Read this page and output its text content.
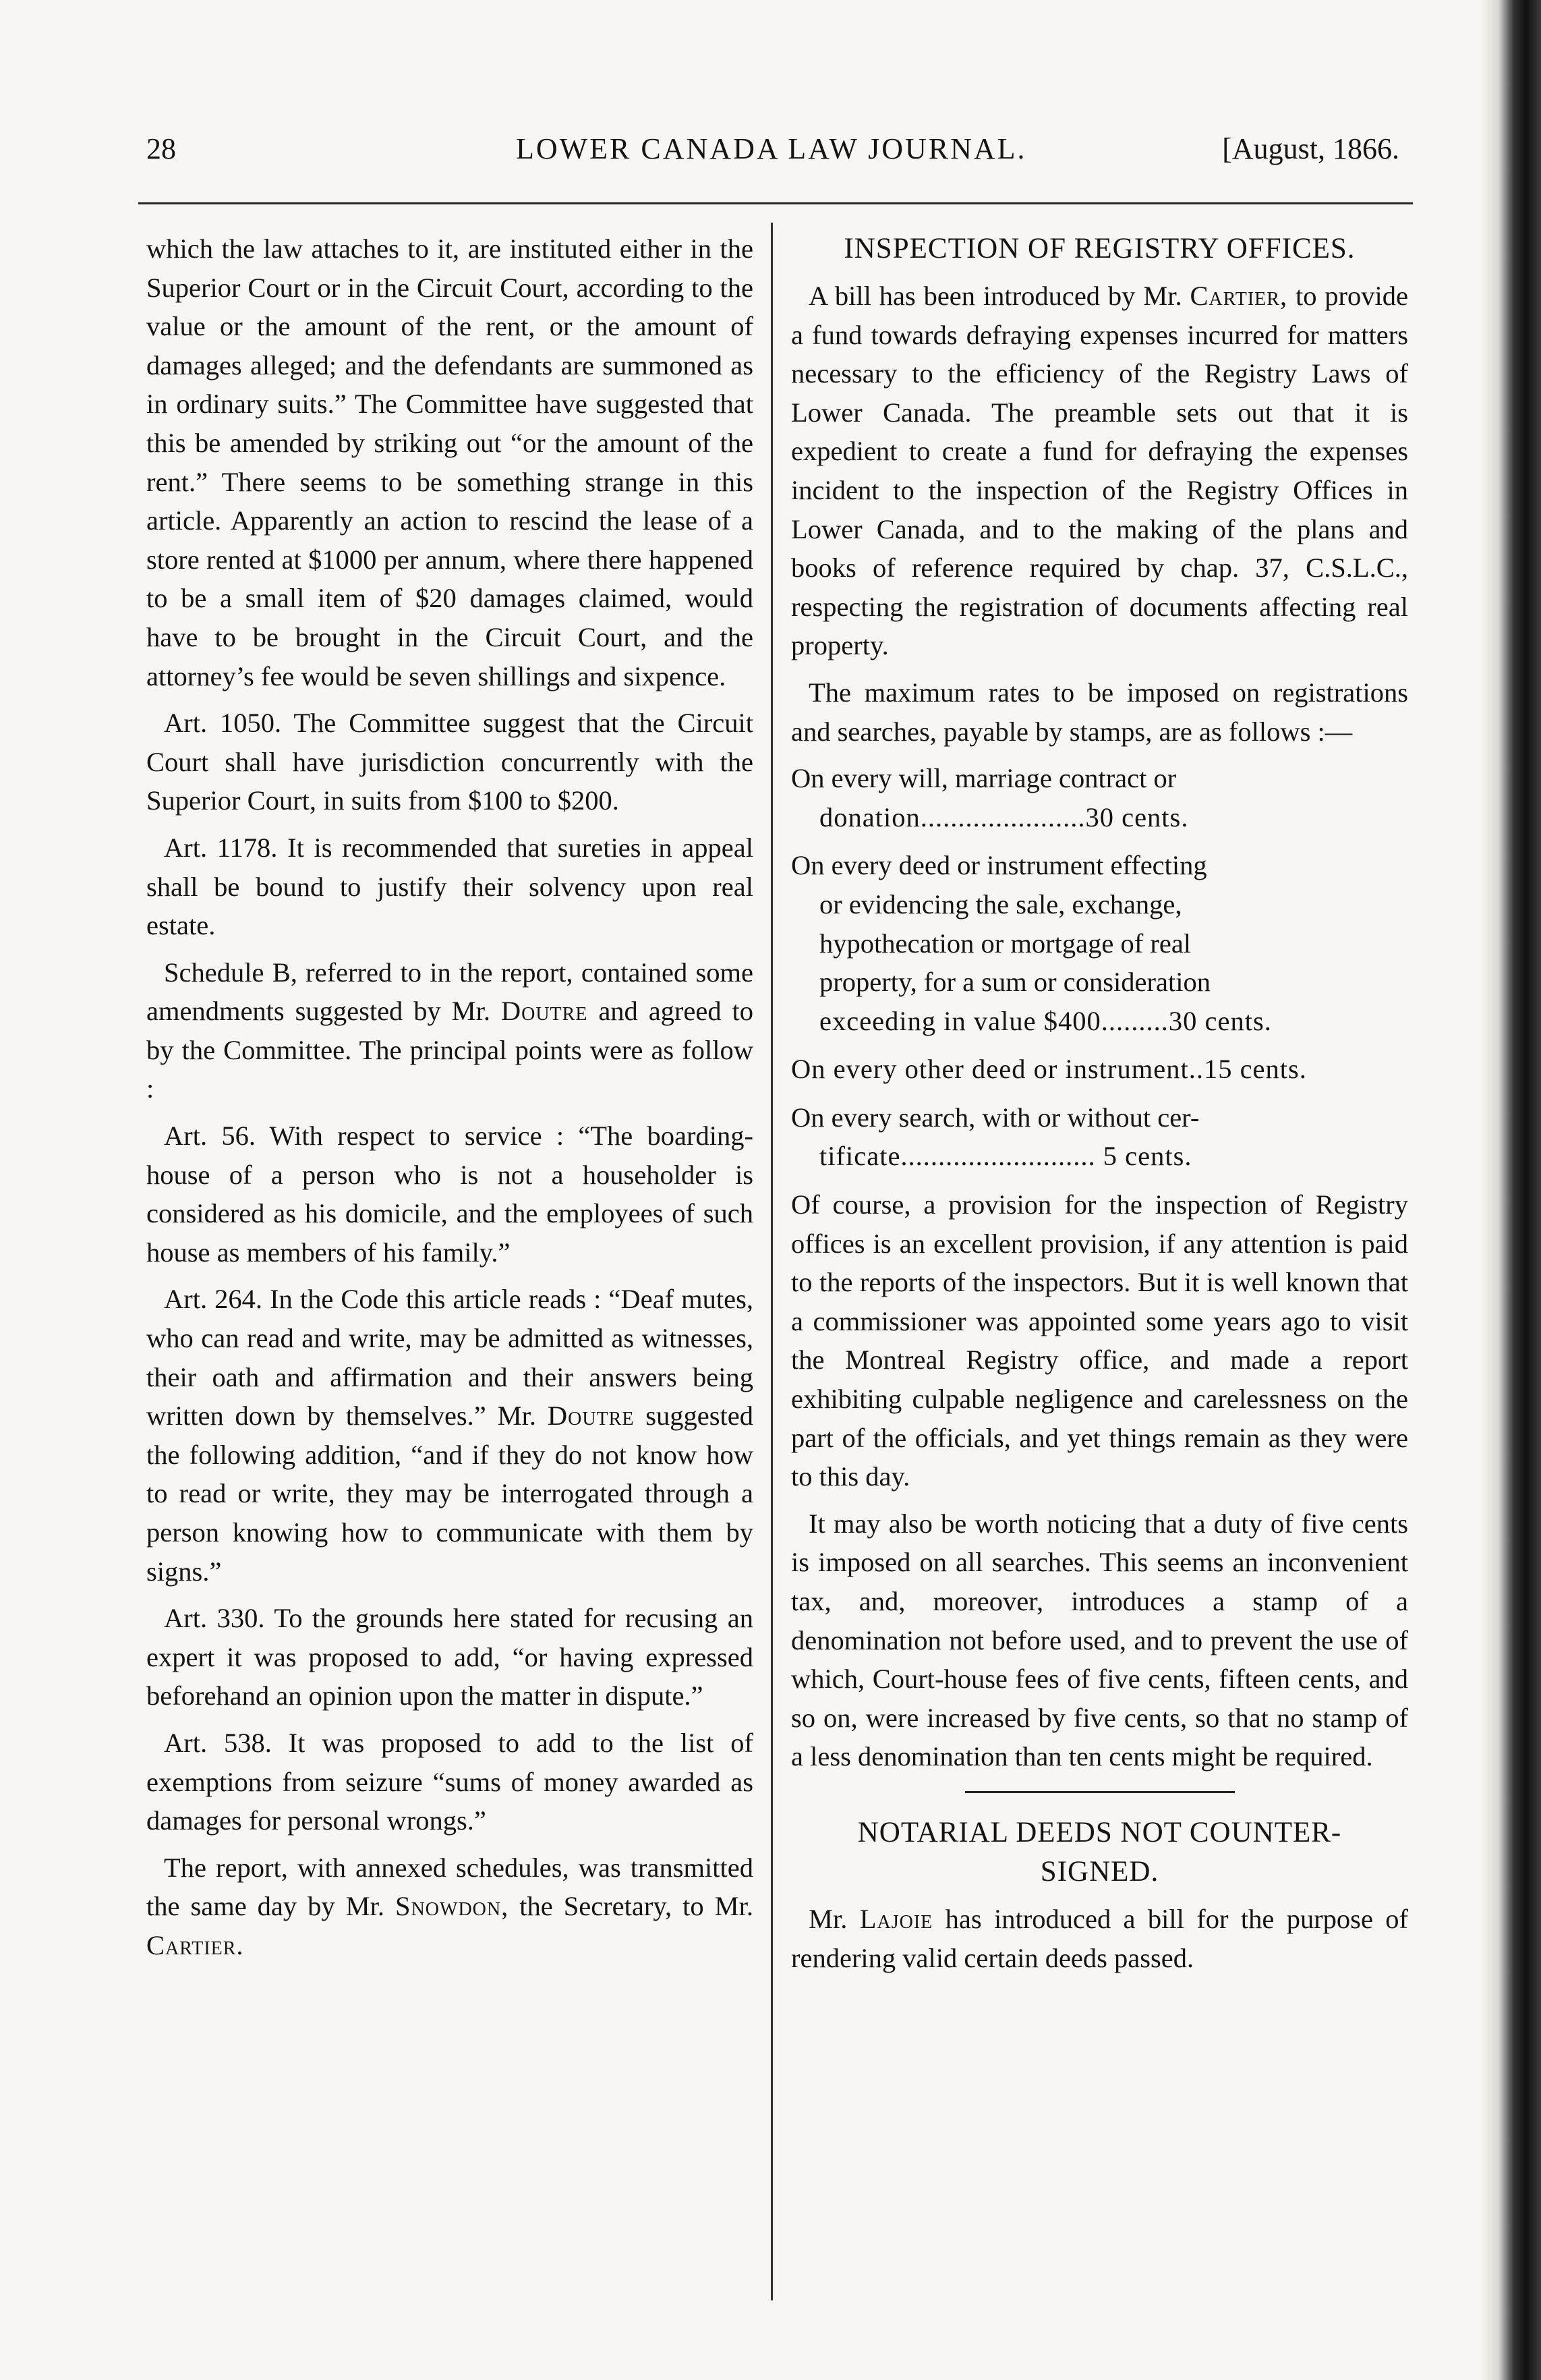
28	LOWER CANADA LAW JOURNAL.	[August, 1866.

which the law attaches to it, are instituted either in the Superior Court or in the Circuit Court, according to the value or the amount of the rent, or the amount of damages alleged; and the defendants are summoned as in ordinary suits.” The Committee have suggested that this be amended by striking out “or the amount of the rent.” There seems to be something strange in this article. Apparently an action to rescind the lease of a store rented at $1000 per annum, where there happened to be a small item of $20 damages claimed, would have to be brought in the Circuit Court, and the attorney’s fee would be seven shillings and sixpence.

Art. 1050. The Committee suggest that the Circuit Court shall have jurisdiction concurrently with the Superior Court, in suits from $100 to $200.

Art. 1178. It is recommended that sureties in appeal shall be bound to justify their solvency upon real estate.

Schedule B, referred to in the report, contained some amendments suggested by Mr. Doutre and agreed to by the Committee. The principal points were as follow :

Art. 56. With respect to service : “The boarding-house of a person who is not a householder is considered as his domicile, and the employees of such house as members of his family.”

Art. 264. In the Code this article reads : “Deaf mutes, who can read and write, may be admitted as witnesses, their oath and affirmation and their answers being written down by themselves.” Mr. Doutre suggested the following addition, “and if they do not know how to read or write, they may be interrogated through a person knowing how to communicate with them by signs.”

Art. 330. To the grounds here stated for recusing an expert it was proposed to add, “or having expressed beforehand an opinion upon the matter in dispute.”

Art. 538. It was proposed to add to the list of exemptions from seizure “sums of money awarded as damages for personal wrongs.”

The report, with annexed schedules, was transmitted the same day by Mr. Snowdon, the Secretary, to Mr. Cartier.

INSPECTION OF REGISTRY OFFICES.

A bill has been introduced by Mr. Cartier, to provide a fund towards defraying expenses incurred for matters necessary to the efficiency of the Registry Laws of Lower Canada. The preamble sets out that it is expedient to create a fund for defraying the expenses incident to the inspection of the Registry Offices in Lower Canada, and to the making of the plans and books of reference required by chap. 37, C.S.L.C., respecting the registration of documents affecting real property.

The maximum rates to be imposed on registrations and searches, payable by stamps, are as follows :—

On every will, marriage contract or
donation......................30 cents.
On every deed or instrument effecting
or evidencing the sale, exchange,
hypothecation or mortgage of real
property, for a sum or consideration
exceeding in value $400.........30 cents.
On every other deed or instrument..15 cents.
On every search, with or without cer-
tificate.......................... 5 cents.

Of course, a provision for the inspection of Registry offices is an excellent provision, if any attention is paid to the reports of the inspectors. But it is well known that a commissioner was appointed some years ago to visit the Montreal Registry office, and made a report exhibiting culpable negligence and carelessness on the part of the officials, and yet things remain as they were to this day.

It may also be worth noticing that a duty of five cents is imposed on all searches. This seems an inconvenient tax, and, moreover, introduces a stamp of a denomination not before used, and to prevent the use of which, Court-house fees of five cents, fifteen cents, and so on, were increased by five cents, so that no stamp of a less denomination than ten cents might be required.

NOTARIAL DEEDS NOT COUNTER-
SIGNED.

Mr. Lajoie has introduced a bill for the purpose of rendering valid certain deeds passed.
